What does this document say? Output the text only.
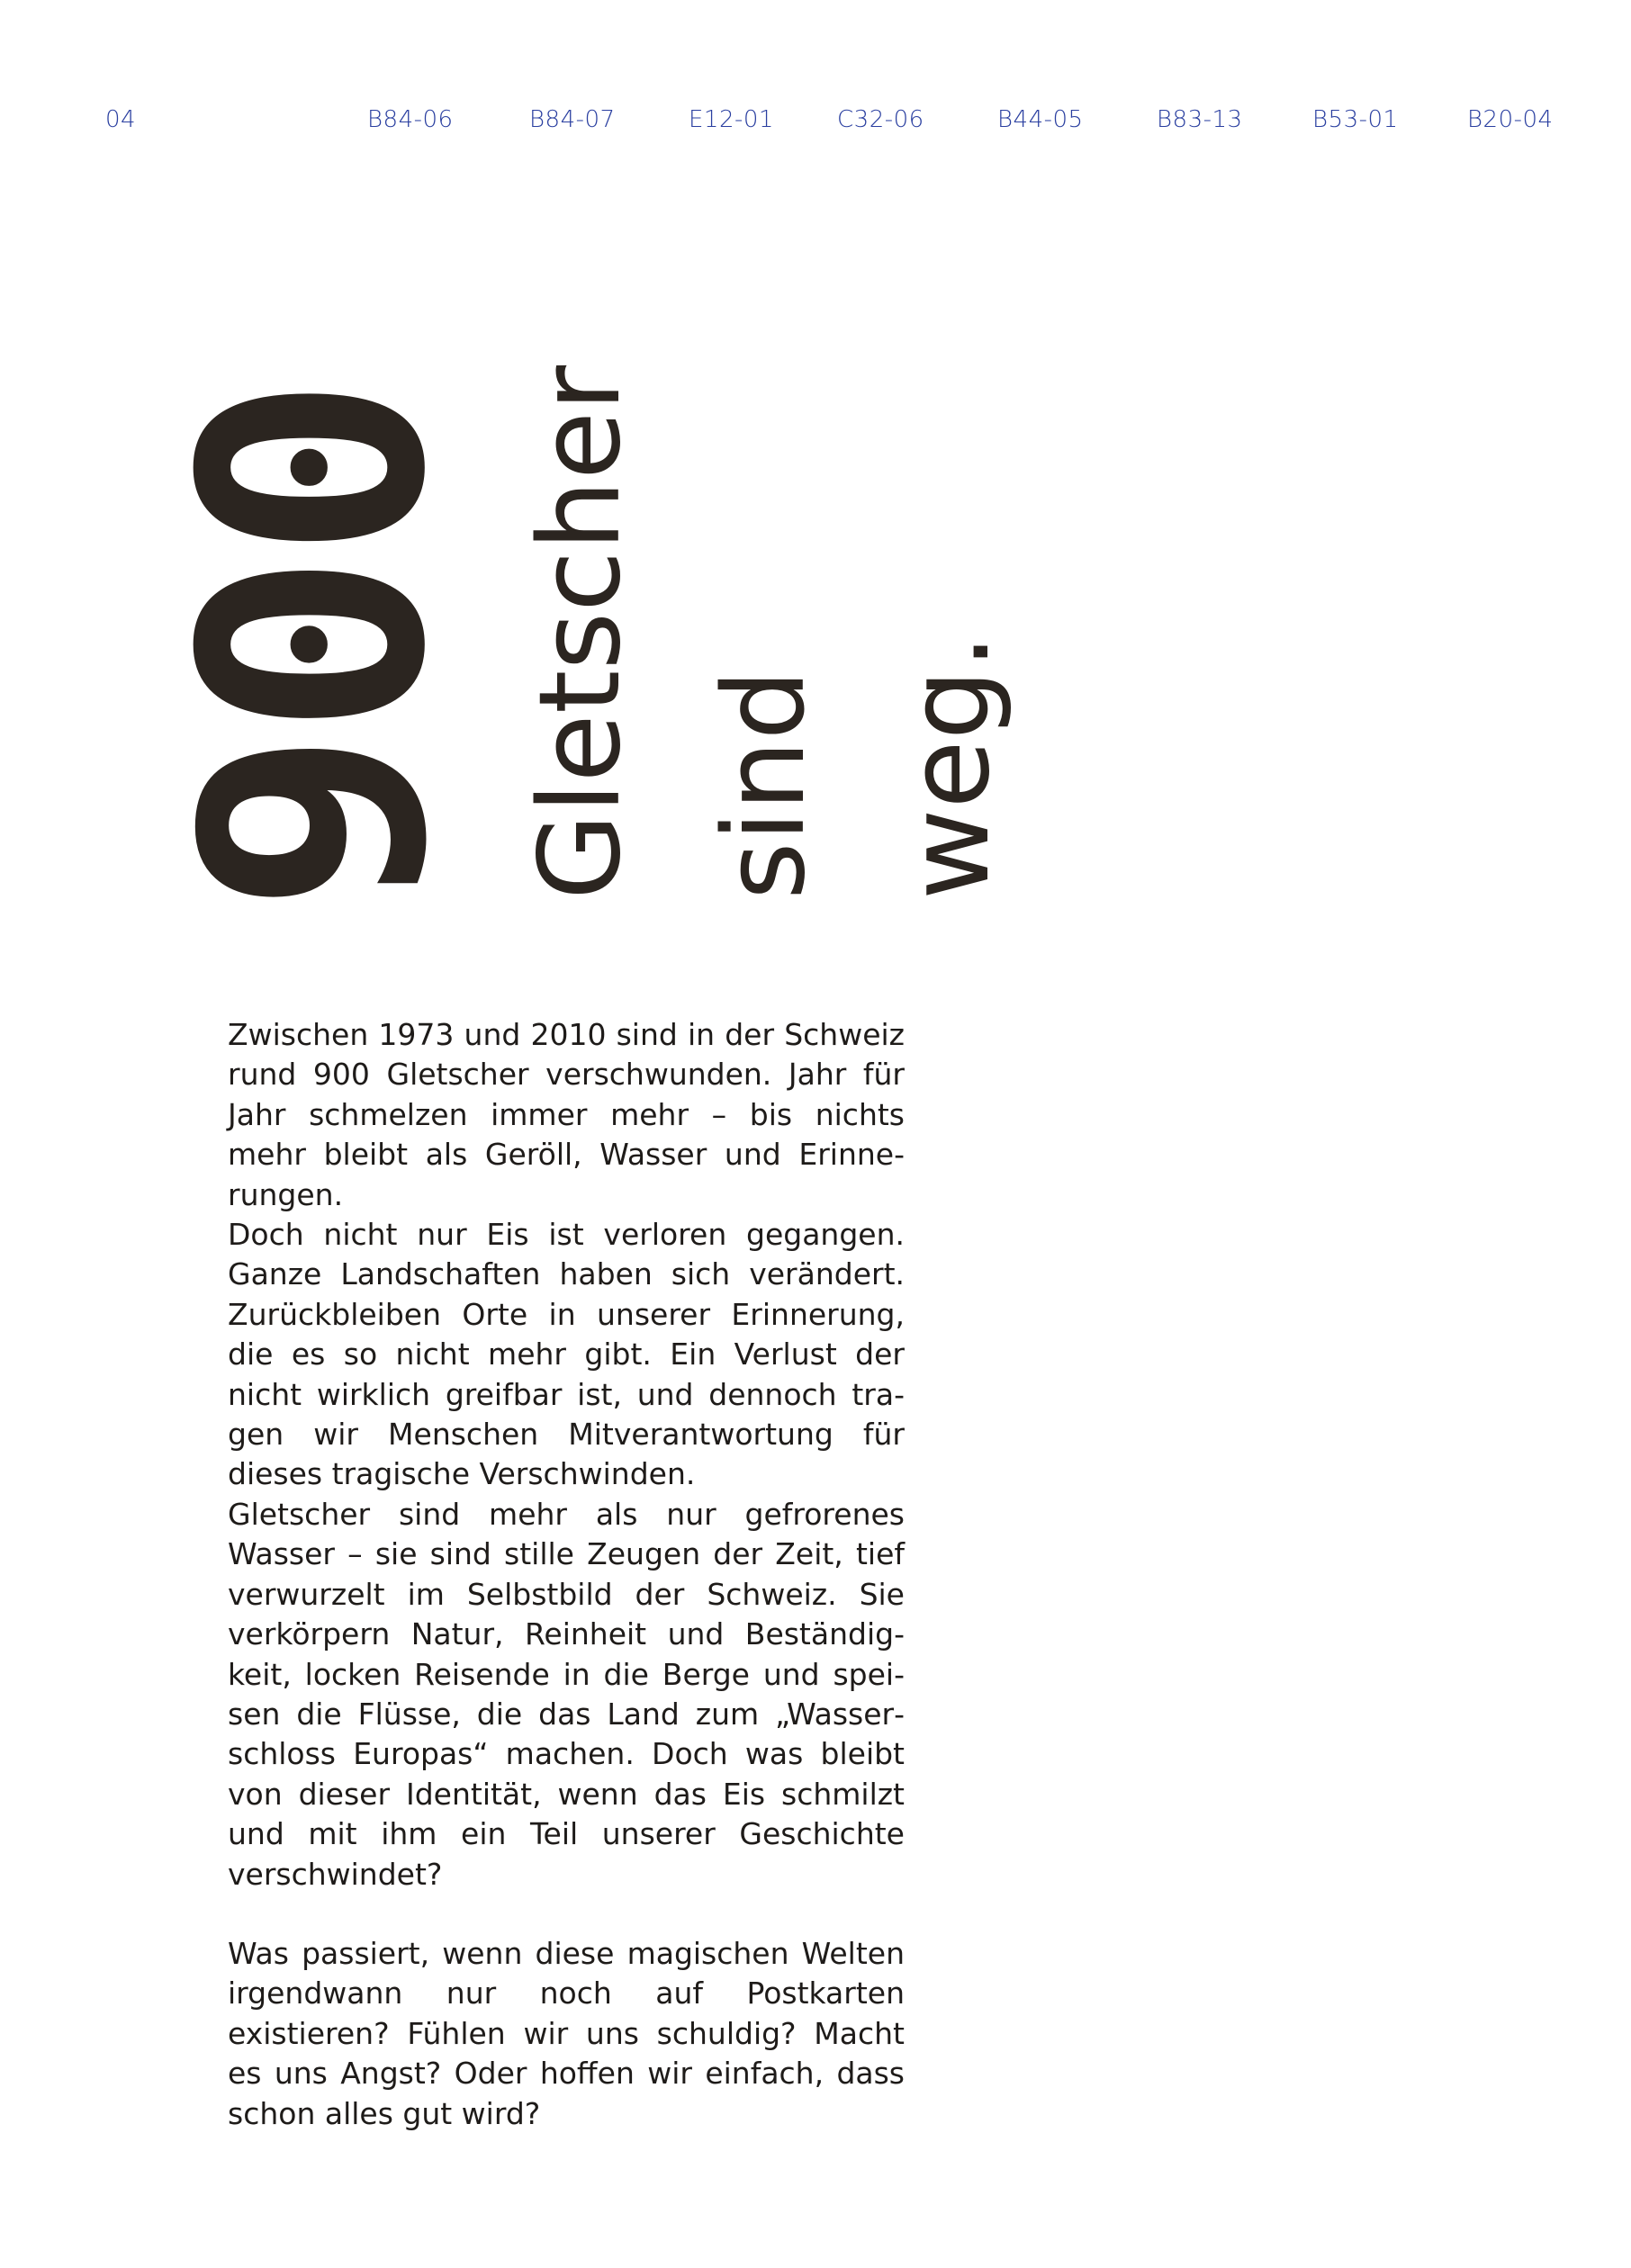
04	B84-06	B84-07	E12-01	C32-06	B44-05	B83-13	B53-01	B20-04
900 Gletscher sind weg.

Zwischen 1973 und 2010 sind in der Schweiz rund 900 Gletscher verschwunden. Jahr für Jahr schmelzen immer mehr – bis nichts mehr bleibt als Geröll, Wasser und Erinnerungen.

Doch nicht nur Eis ist verloren gegangen. Ganze Landschaften haben sich verändert. Zurückbleiben Orte in unserer Erinnerung, die es so nicht mehr gibt. Ein Verlust der nicht wirklich greifbar ist, und dennoch tragen wir Menschen Mitverantwortung für dieses tragische Verschwinden.

Gletscher sind mehr als nur gefrorenes Wasser – sie sind stille Zeugen der Zeit, tief verwurzelt im Selbstbild der Schweiz. Sie verkörpern Natur, Reinheit und Beständigkeit, locken Reisende in die Berge und speisen die Flüsse, die das Land zum „Wasserschloss Europas“ machen. Doch was bleibt von dieser Identität, wenn das Eis schmilzt und mit ihm ein Teil unserer Geschichte verschwindet?

Was passiert, wenn diese magischen Welten irgendwann nur noch auf Postkarten existieren? Fühlen wir uns schuldig? Macht es uns Angst? Oder hoffen wir einfach, dass schon alles gut wird?
